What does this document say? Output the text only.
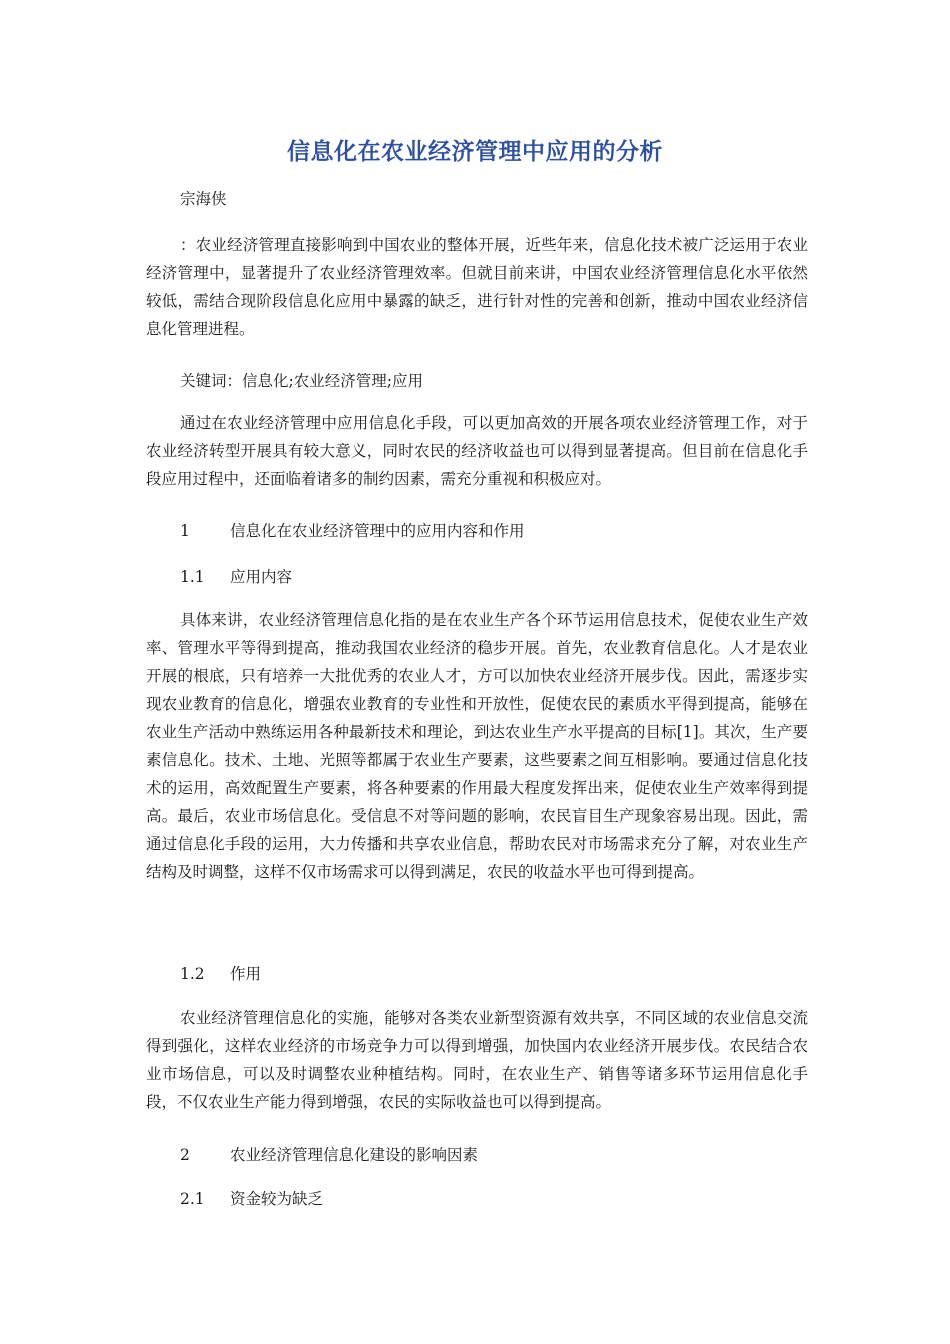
信息化在农业经济管理中应用的分析

宗海侠

：农业经济管理直接影响到中国农业的整体开展，近些年来，信息化技术被广泛运用于农业经济管理中，显著提升了农业经济管理效率。但就目前来讲，中国农业经济管理信息化水平依然较低，需结合现阶段信息化应用中暴露的缺乏，进行针对性的完善和创新，推动中国农业经济信息化管理进程。

关键词：信息化;农业经济管理;应用

通过在农业经济管理中应用信息化手段，可以更加高效的开展各项农业经济管理工作，对于农业经济转型开展具有较大意义，同时农民的经济收益也可以得到显著提高。但目前在信息化手段应用过程中，还面临着诸多的制约因素，需充分重视和积极应对。

1	信息化在农业经济管理中的应用内容和作用

1.1 应用内容

具体来讲，农业经济管理信息化指的是在农业生产各个环节运用信息技术，促使农业生产效率、管理水平等得到提高，推动我国农业经济的稳步开展。首先，农业教育信息化。人才是农业开展的根底，只有培养一大批优秀的农业人才，方可以加快农业经济开展步伐。因此，需逐步实现农业教育的信息化，增强农业教育的专业性和开放性，促使农民的素质水平得到提高，能够在农业生产活动中熟练运用各种最新技术和理论，到达农业生产水平提高的目标[1]。其次，生产要素信息化。技术、土地、光照等都属于农业生产要素，这些要素之间互相影响。要通过信息化技术的运用，高效配置生产要素，将各种要素的作用最大程度发挥出来，促使农业生产效率得到提高。最后，农业市场信息化。受信息不对等问题的影响，农民盲目生产现象容易出现。因此，需通过信息化手段的运用，大力传播和共享农业信息，帮助农民对市场需求充分了解，对农业生产结构及时调整，这样不仅市场需求可以得到满足，农民的收益水平也可得到提高。

1.2 作用

农业经济管理信息化的实施，能够对各类农业新型资源有效共享，不同区域的农业信息交流得到强化，这样农业经济的市场竞争力可以得到增强，加快国内农业经济开展步伐。农民结合农业市场信息，可以及时调整农业种植结构。同时，在农业生产、销售等诸多环节运用信息化手段，不仅农业生产能力得到增强，农民的实际收益也可以得到提高。

2	农业经济管理信息化建设的影响因素

2.1 资金较为缺乏
